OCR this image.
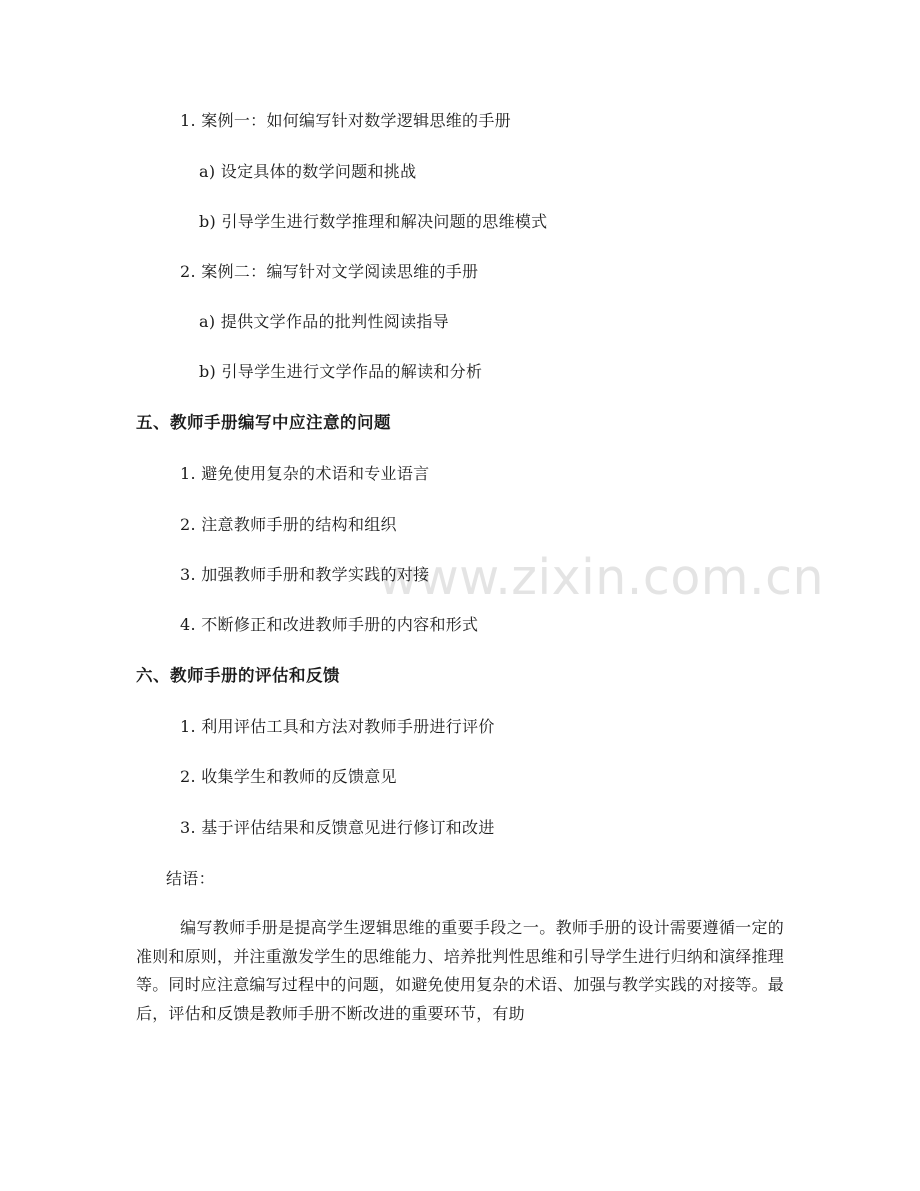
www.zixin.com.cn
1. 案例一：如何编写针对数学逻辑思维的手册
a) 设定具体的数学问题和挑战
b) 引导学生进行数学推理和解决问题的思维模式
2. 案例二：编写针对文学阅读思维的手册
a) 提供文学作品的批判性阅读指导
b) 引导学生进行文学作品的解读和分析
五、教师手册编写中应注意的问题
1. 避免使用复杂的术语和专业语言
2. 注意教师手册的结构和组织
3. 加强教师手册和教学实践的对接
4. 不断修正和改进教师手册的内容和形式
六、教师手册的评估和反馈
1. 利用评估工具和方法对教师手册进行评价
2. 收集学生和教师的反馈意见
3. 基于评估结果和反馈意见进行修订和改进
结语：
编写教师手册是提高学生逻辑思维的重要手段之一。教师手册的设计需要遵循一定的准则和原则，并注重激发学生的思维能力、培养批判性思维和引导学生进行归纳和演绎推理等。同时应注意编写过程中的问题，如避免使用复杂的术语、加强与教学实践的对接等。最后，评估和反馈是教师手册不断改进的重要环节，有助
